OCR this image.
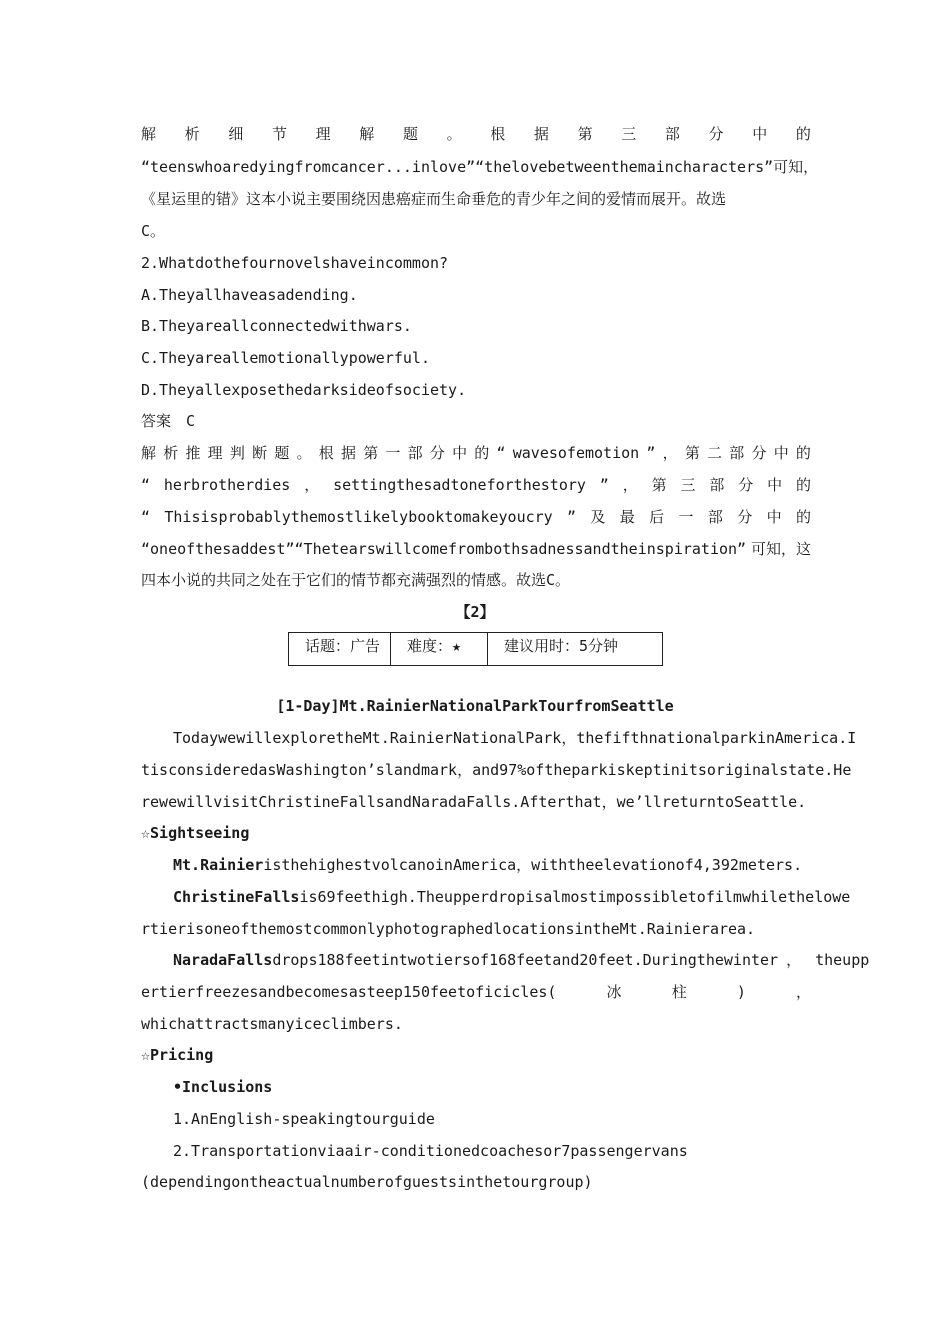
解 析 细 节 理 解 题 。 根 据 第 三 部 分 中 的
“teenswhoaredyingfromcancer...inlove”“theloveb etweenthemaincharacters”可知，
《星运里的错》这本小说主要围绕因患癌症而生命垂危的青少年之间的爱情而展开。故选
C。
2.Whatdothefournovelshaveincommon?
A.Theyallhaveasadending.
B.Theyareallconnectedwithwars.
C.Theyareallemotionallypowerful.
D.Theyallexposethedarksideofsociety.
答案　C
解 析 推 理 判 断 题 。 根 据 第 一 部 分 中 的 “ wavesofemotion ” ， 第 二 部 分 中 的
“ herbrotherdies ， settingthesadtoneforthestory ” ， 第 三 部 分 中 的
“ Thisisprobablythemostlikelybooktomakeyoucry ” 及 最 后 一 部 分 中 的
“oneofthesaddest”“Thetearswillcomefrombothsadnessandtheinspiration” 可知，这
四本小说的共同之处在于它们的情节都充满强烈的情感。故选C。
【2】
话题：广告	难度：★	建议用时：5分钟
[1-Day]Mt.RainierNationalParkTourfromSeattle
TodaywewillexploretheMt.RainierNationalPark，thefifthnationalparkinAmerica.I
tisconsideredasWashington’slandmark，and97%oftheparkiskeptinitsoriginalstate.He
rewewillvisitChristineFallsandNaradaFalls.Afterthat，we’llreturntoSeattle.
☆Sightseeing
Mt.RainieristhehighestvolcanoinAmerica，withtheelevationof4,392meters.
ChristineFallsis69feethigh.Theupperdropisalmostimpossibletofilmwhilethelowe
rtierisoneofthemostcommonlyphotographedlocationsintheMt.Rainierarea.
NaradaFallsdrops188feetintwotiersof168feetand20feet.Duringthewinter ， theupp
ertierfreezesandbecomesasteep150feetoficicles(	冰	柱	)	，
whichattractsmanyiceclimbers.
☆Pricing
•Inclusions
1.AnEnglish-speakingtourguide
2.Transportationviaair-conditionedcoachesor7passengervans
(dependingontheactualnumberofguestsinthetourgroup)
